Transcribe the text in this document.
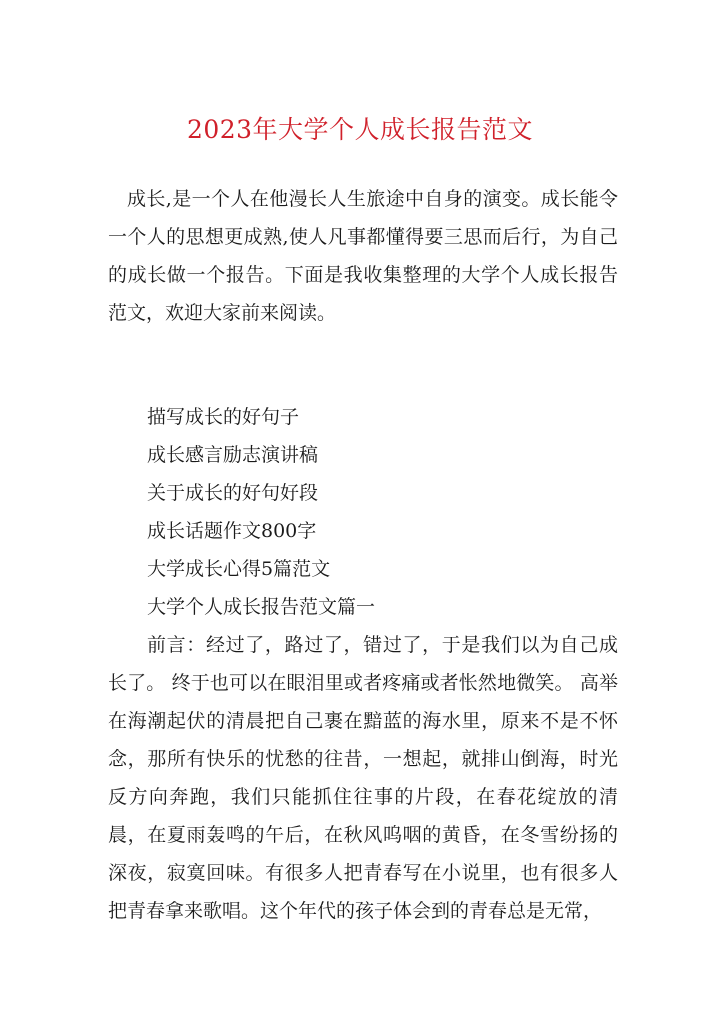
2023年大学个人成长报告范文

成长,是一个人在他漫长人生旅途中自身的演变。成长能令一个人的思想更成熟,使人凡事都懂得要三思而后行，为自己的成长做一个报告。下面是我收集整理的大学个人成长报告范文，欢迎大家前来阅读。

描写成长的好句子
成长感言励志演讲稿
关于成长的好句好段
成长话题作文800字
大学成长心得5篇范文
大学个人成长报告范文篇一

前言：经过了，路过了，错过了，于是我们以为自己成长了。 终于也可以在眼泪里或者疼痛或者怅然地微笑。 高举在海潮起伏的清晨把自己裹在黯蓝的海水里，原来不是不怀念，那所有快乐的忧愁的往昔，一想起，就排山倒海，时光反方向奔跑，我们只能抓住往事的片段，在春花绽放的清晨，在夏雨轰鸣的午后，在秋风呜咽的黄昏，在冬雪纷扬的深夜，寂寞回味。有很多人把青春写在小说里，也有很多人把青春拿来歌唱。这个年代的孩子体会到的青春总是无常，
